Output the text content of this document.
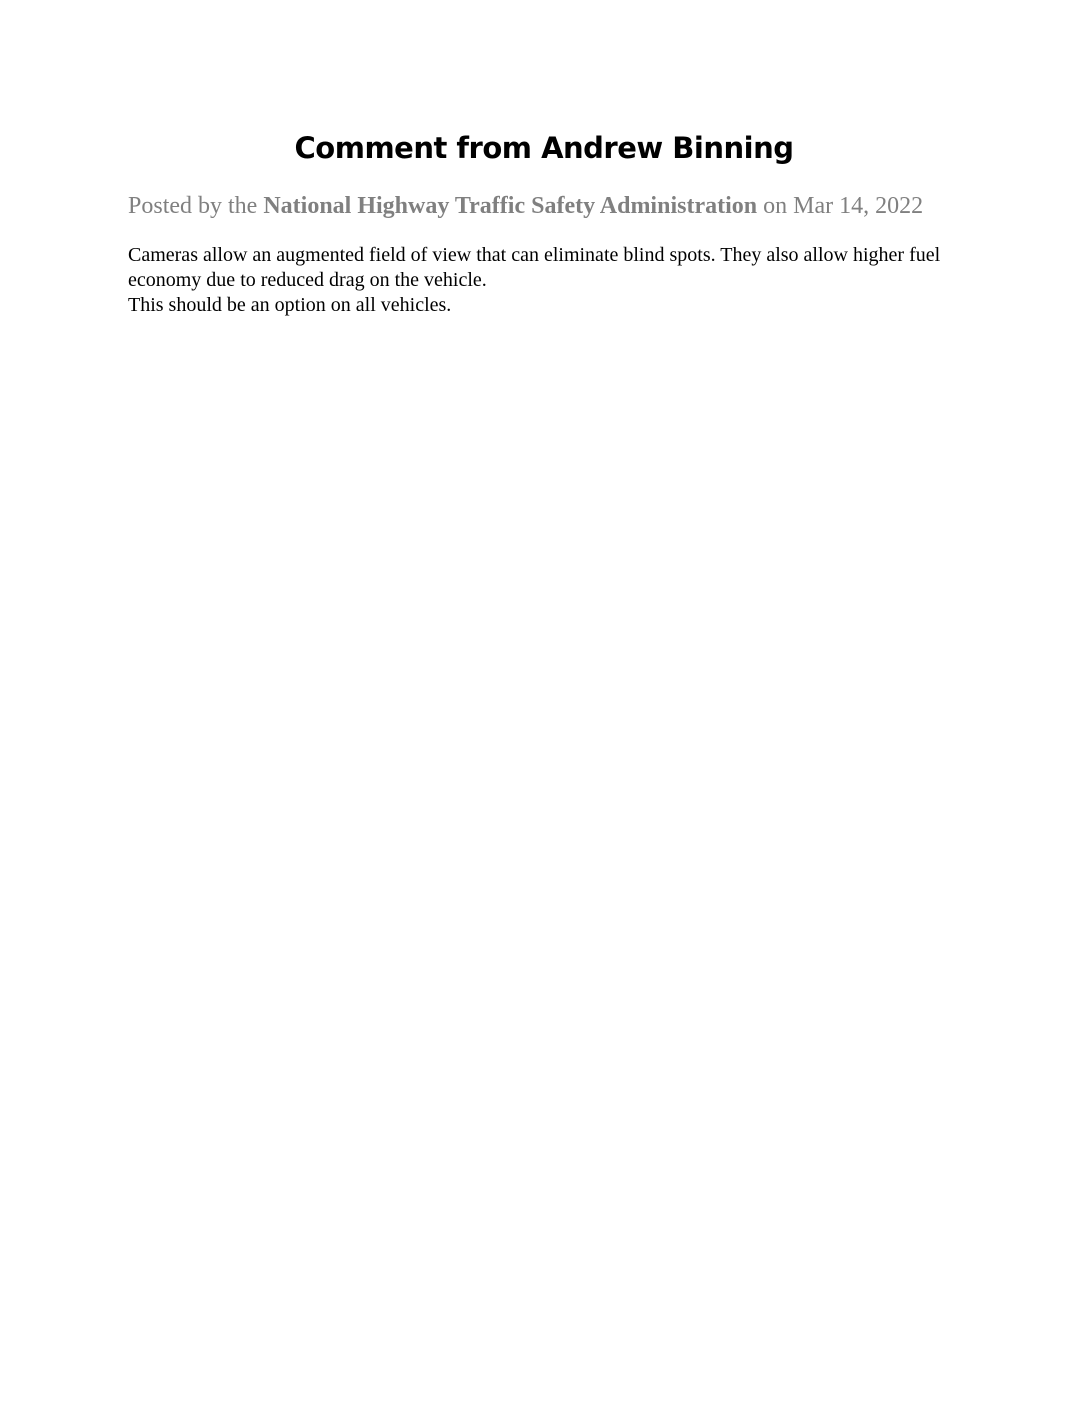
Comment from Andrew Binning
Posted by the National Highway Traffic Safety Administration on Mar 14, 2022

Cameras allow an augmented field of view that can eliminate blind spots. They also allow higher fuel economy due to reduced drag on the vehicle.

This should be an option on all vehicles.
